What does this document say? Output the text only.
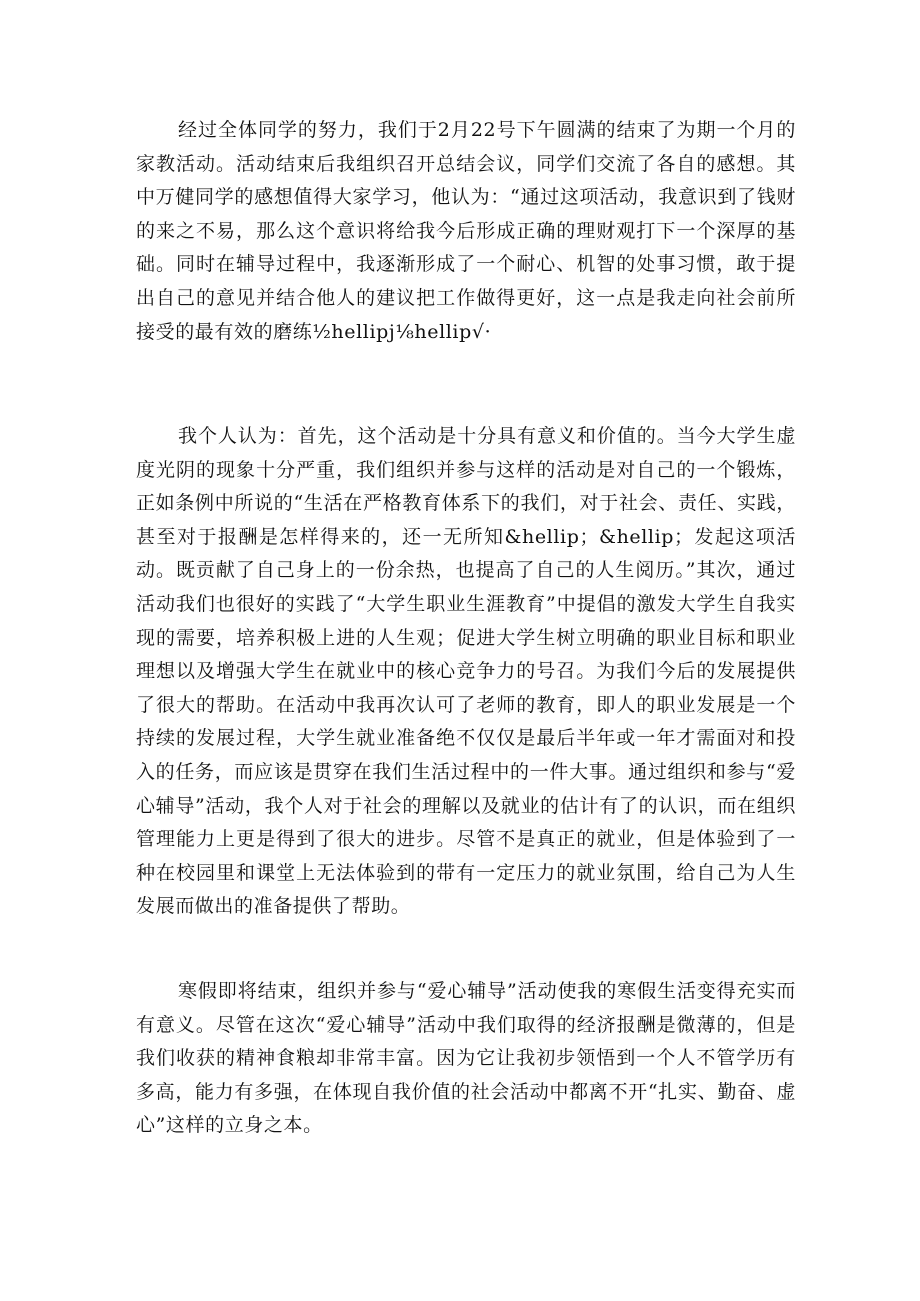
经过全体同学的努力，我们于2月22号下午圆满的结束了为期一个月的家教活动。活动结束后我组织召开总结会议，同学们交流了各自的感想。其中万健同学的感想值得大家学习，他认为：“通过这项活动，我意识到了钱财的来之不易，那么这个意识将给我今后形成正确的理财观打下一个深厚的基础。同时在辅导过程中，我逐渐形成了一个耐心、机智的处事习惯，敢于提出自己的意见并结合他人的建议把工作做得更好，这一点是我走向社会前所接受的最有效的磨练½hellipj⅛hellip√·

我个人认为：首先，这个活动是十分具有意义和价值的。当今大学生虚度光阴的现象十分严重，我们组织并参与这样的活动是对自己的一个锻炼，正如条例中所说的“生活在严格教育体系下的我们，对于社会、责任、实践，甚至对于报酬是怎样得来的，还一无所知&hellip；&hellip；发起这项活动。既贡献了自己身上的一份余热，也提高了自己的人生阅历。”其次，通过活动我们也很好的实践了“大学生职业生涯教育”中提倡的激发大学生自我实现的需要，培养积极上进的人生观；促进大学生树立明确的职业目标和职业理想以及增强大学生在就业中的核心竞争力的号召。为我们今后的发展提供了很大的帮助。在活动中我再次认可了老师的教育，即人的职业发展是一个持续的发展过程，大学生就业准备绝不仅仅是最后半年或一年才需面对和投入的任务，而应该是贯穿在我们生活过程中的一件大事。通过组织和参与“爱心辅导”活动，我个人对于社会的理解以及就业的估计有了的认识，而在组织管理能力上更是得到了很大的进步。尽管不是真正的就业，但是体验到了一种在校园里和课堂上无法体验到的带有一定压力的就业氛围，给自己为人生发展而做出的准备提供了帮助。

寒假即将结束，组织并参与“爱心辅导”活动使我的寒假生活变得充实而有意义。尽管在这次“爱心辅导”活动中我们取得的经济报酬是微薄的，但是我们收获的精神食粮却非常丰富。因为它让我初步领悟到一个人不管学历有多高，能力有多强，在体现自我价值的社会活动中都离不开“扎实、勤奋、虚心”这样的立身之本。
